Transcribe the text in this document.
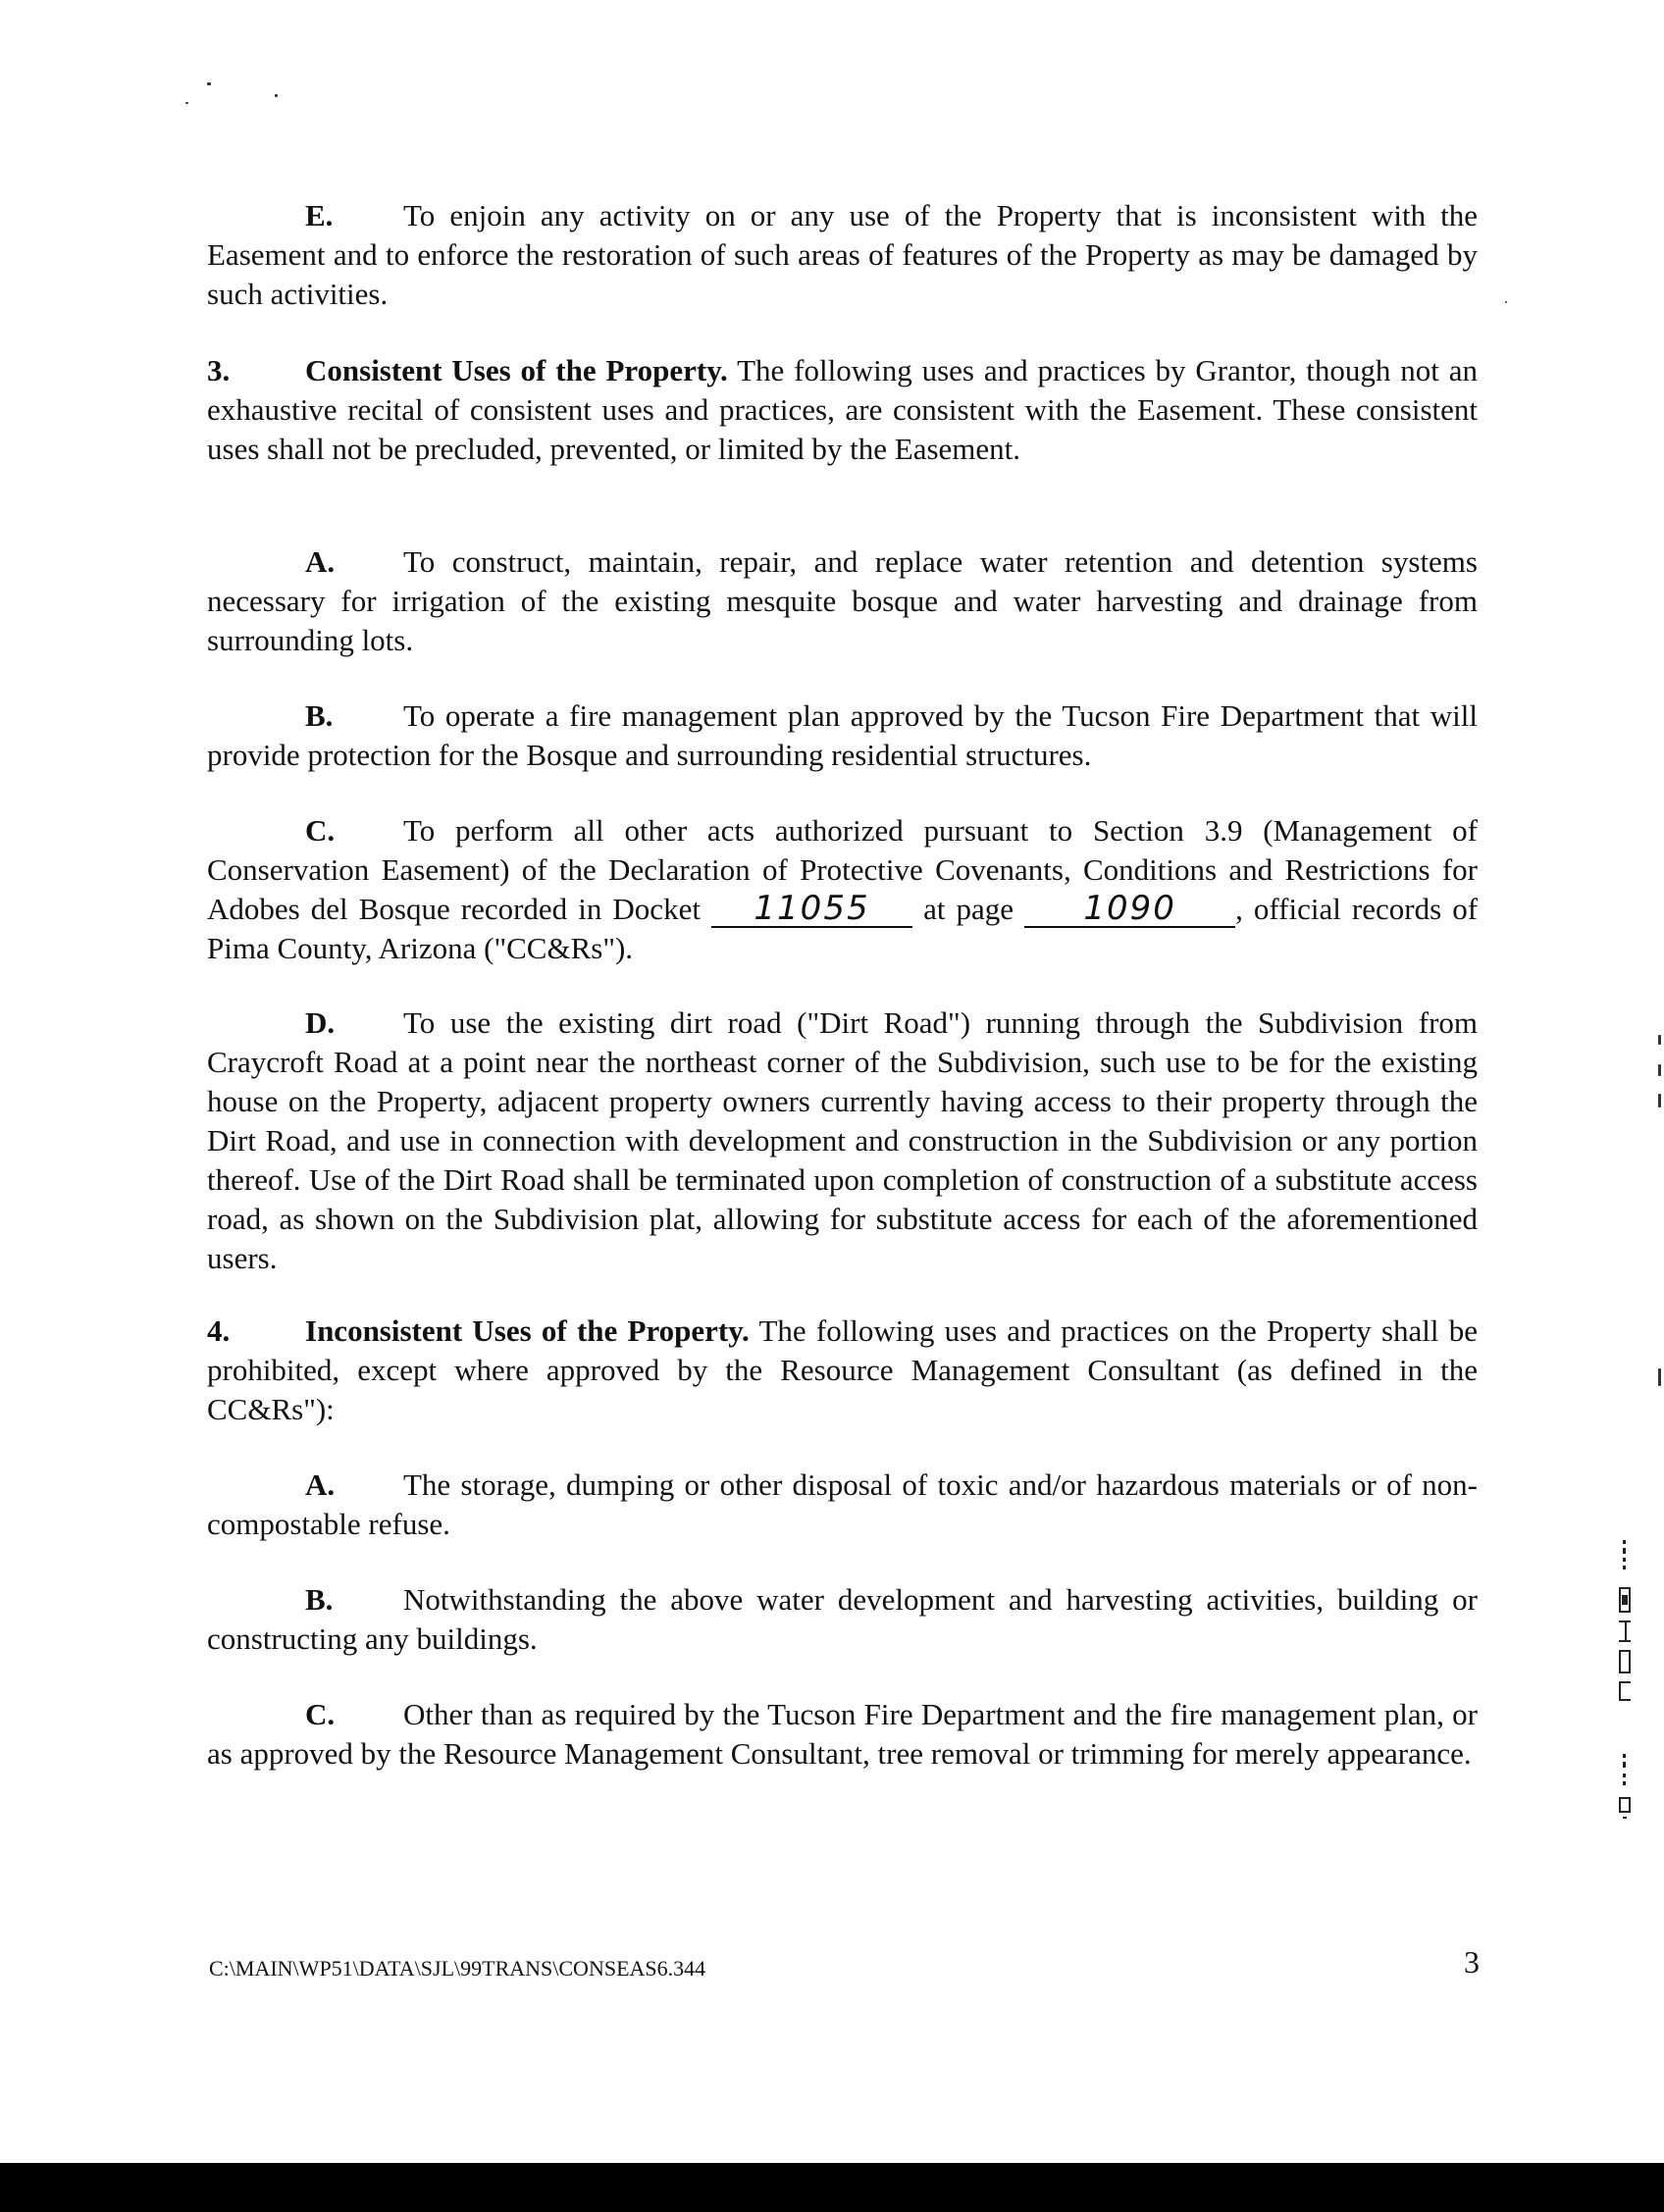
E. To enjoin any activity on or any use of the Property that is inconsistent with the Easement and to enforce the restoration of such areas of features of the Property as may be damaged by such activities.
3. Consistent Uses of the Property. The following uses and practices by Grantor, though not an exhaustive recital of consistent uses and practices, are consistent with the Easement. These consistent uses shall not be precluded, prevented, or limited by the Easement.
A. To construct, maintain, repair, and replace water retention and detention systems necessary for irrigation of the existing mesquite bosque and water harvesting and drainage from surrounding lots.
B. To operate a fire management plan approved by the Tucson Fire Department that will provide protection for the Bosque and surrounding residential structures.
C. To perform all other acts authorized pursuant to Section 3.9 (Management of Conservation Easement) of the Declaration of Protective Covenants, Conditions and Restrictions for Adobes del Bosque recorded in Docket 11055 at page 1090 , official records of Pima County, Arizona ("CC&Rs").
D. To use the existing dirt road ("Dirt Road") running through the Subdivision from Craycroft Road at a point near the northeast corner of the Subdivision, such use to be for the existing house on the Property, adjacent property owners currently having access to their property through the Dirt Road, and use in connection with development and construction in the Subdivision or any portion thereof. Use of the Dirt Road shall be terminated upon completion of construction of a substitute access road, as shown on the Subdivision plat, allowing for substitute access for each of the aforementioned users.
4. Inconsistent Uses of the Property. The following uses and practices on the Property shall be prohibited, except where approved by the Resource Management Consultant (as defined in the CC&Rs"):
A. The storage, dumping or other disposal of toxic and/or hazardous materials or of non-compostable refuse.
B. Notwithstanding the above water development and harvesting activities, building or constructing any buildings.
C. Other than as required by the Tucson Fire Department and the fire management plan, or as approved by the Resource Management Consultant, tree removal or trimming for merely appearance.
C:\MAIN\WP51\DATA\SJL\99TRANS\CONSEAS6.344	3
